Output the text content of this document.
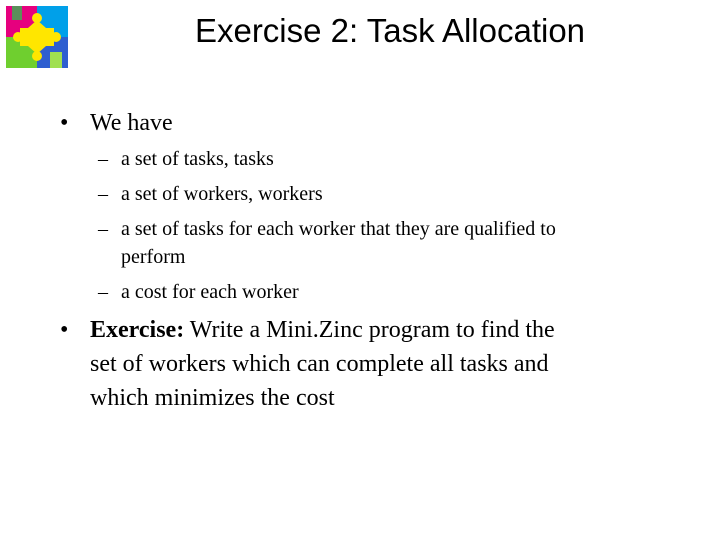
Exercise 2: Task Allocation
• We have
– a set of tasks, tasks
– a set of workers, workers
– a set of tasks for each worker that they are qualified to
perform
– a cost for each worker
• Exercise: Write a Mini.Zinc program to find the
set of workers which can complete all tasks and
which minimizes the cost
